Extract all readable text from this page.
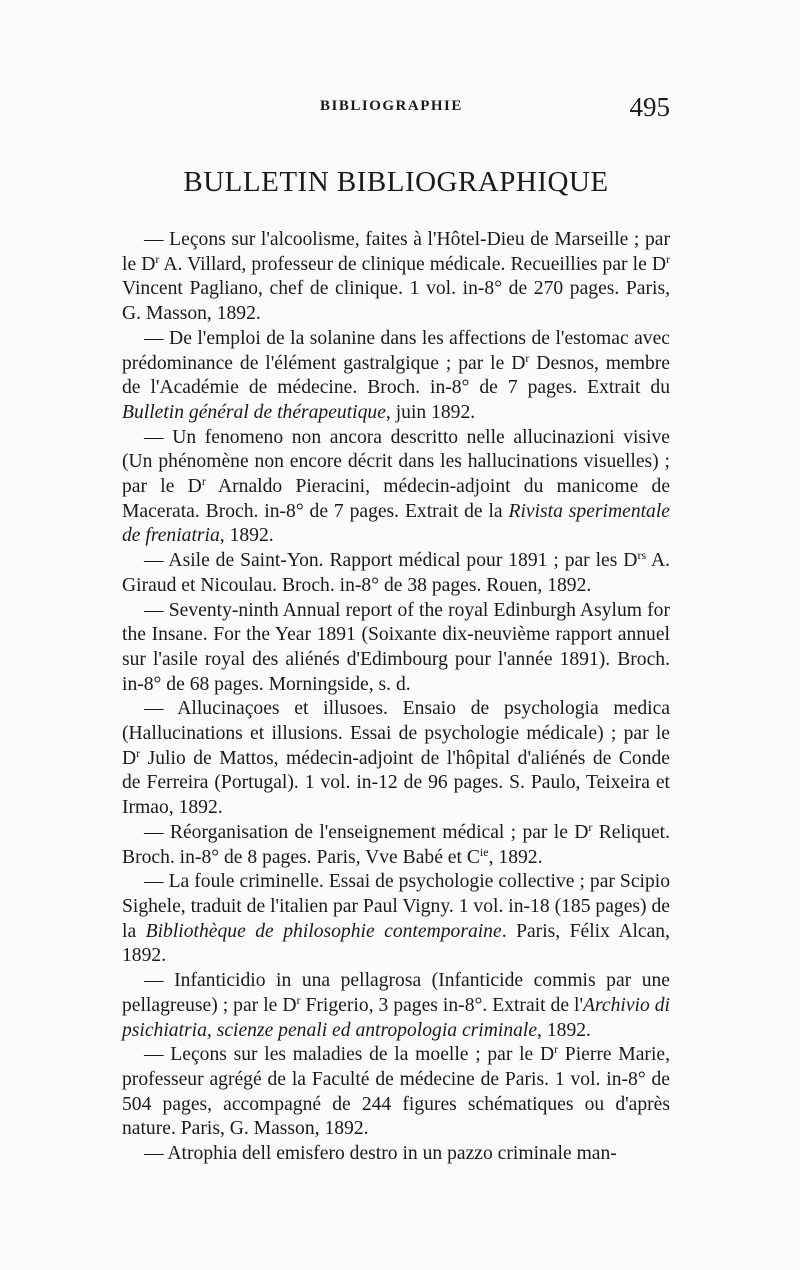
BIBLIOGRAPHIE	495
BULLETIN BIBLIOGRAPHIQUE

— Leçons sur l'alcoolisme, faites à l'Hôtel-Dieu de Marseille ; par le $D^r$ A. Villard, professeur de clinique médicale. Recueillies par le $D^r$ Vincent Pagliano, chef de clinique. 1 vol. in-8° de 270 pages. Paris, G. Masson, 1892.

— De l'emploi de la solanine dans les affections de l'estomac avec prédominance de l'élément gastralgique ; par le $D^r$ Desnos, membre de l'Académie de médecine. Broch. in-8° de 7 pages. Extrait du Bulletin général de thérapeutique, juin 1892.

— Un fenomeno non ancora descritto nelle allucinazioni visive (Un phénomène non encore décrit dans les hallucinations visuelles) ; par le $D^r$ Arnaldo Pieracini, médecin-adjoint du manicome de Macerata. Broch. in-8° de 7 pages. Extrait de la Rivista sperimentale de freniatria, 1892.

— Asile de Saint-Yon. Rapport médical pour 1891 ; par les $D^{rs}$ A. Giraud et Nicoulau. Broch. in-8° de 38 pages. Rouen, 1892.

— Seventy-ninth Annual report of the royal Edinburgh Asylum for the Insane. For the Year 1891 (Soixante dix-neuvième rapport annuel sur l'asile royal des aliénés d'Edimbourg pour l'année 1891). Broch. in-8° de 68 pages. Morningside, s. d.

— Allucinaçoes et illusoes. Ensaio de psychologia medica (Hallucinations et illusions. Essai de psychologie médicale) ; par le $D^r$ Julio de Mattos, médecin-adjoint de l'hôpital d'aliénés de Conde de Ferreira (Portugal). 1 vol. in-12 de 96 pages. S. Paulo, Teixeira et Irmao, 1892.

— Réorganisation de l'enseignement médical ; par le $D^r$ Reliquet. Broch. in-8° de 8 pages. Paris, Vve Babé et $C^{ie}$, 1892.

— La foule criminelle. Essai de psychologie collective ; par Scipio Sighele, traduit de l'italien par Paul Vigny. 1 vol. in-18 (185 pages) de la Bibliothèque de philosophie contemporaine. Paris, Félix Alcan, 1892.

— Infanticidio in una pellagrosa (Infanticide commis par une pellagreuse) ; par le $D^r$ Frigerio, 3 pages in-8°. Extrait de l'Archivio di psichiatria, scienze penali ed antropologia criminale, 1892.

— Leçons sur les maladies de la moelle ; par le $D^r$ Pierre Marie, professeur agrégé de la Faculté de médecine de Paris. 1 vol. in-8° de 504 pages, accompagné de 244 figures schématiques ou d'après nature. Paris, G. Masson, 1892.

— Atrophia dell emisfero destro in un pazzo criminale man-
